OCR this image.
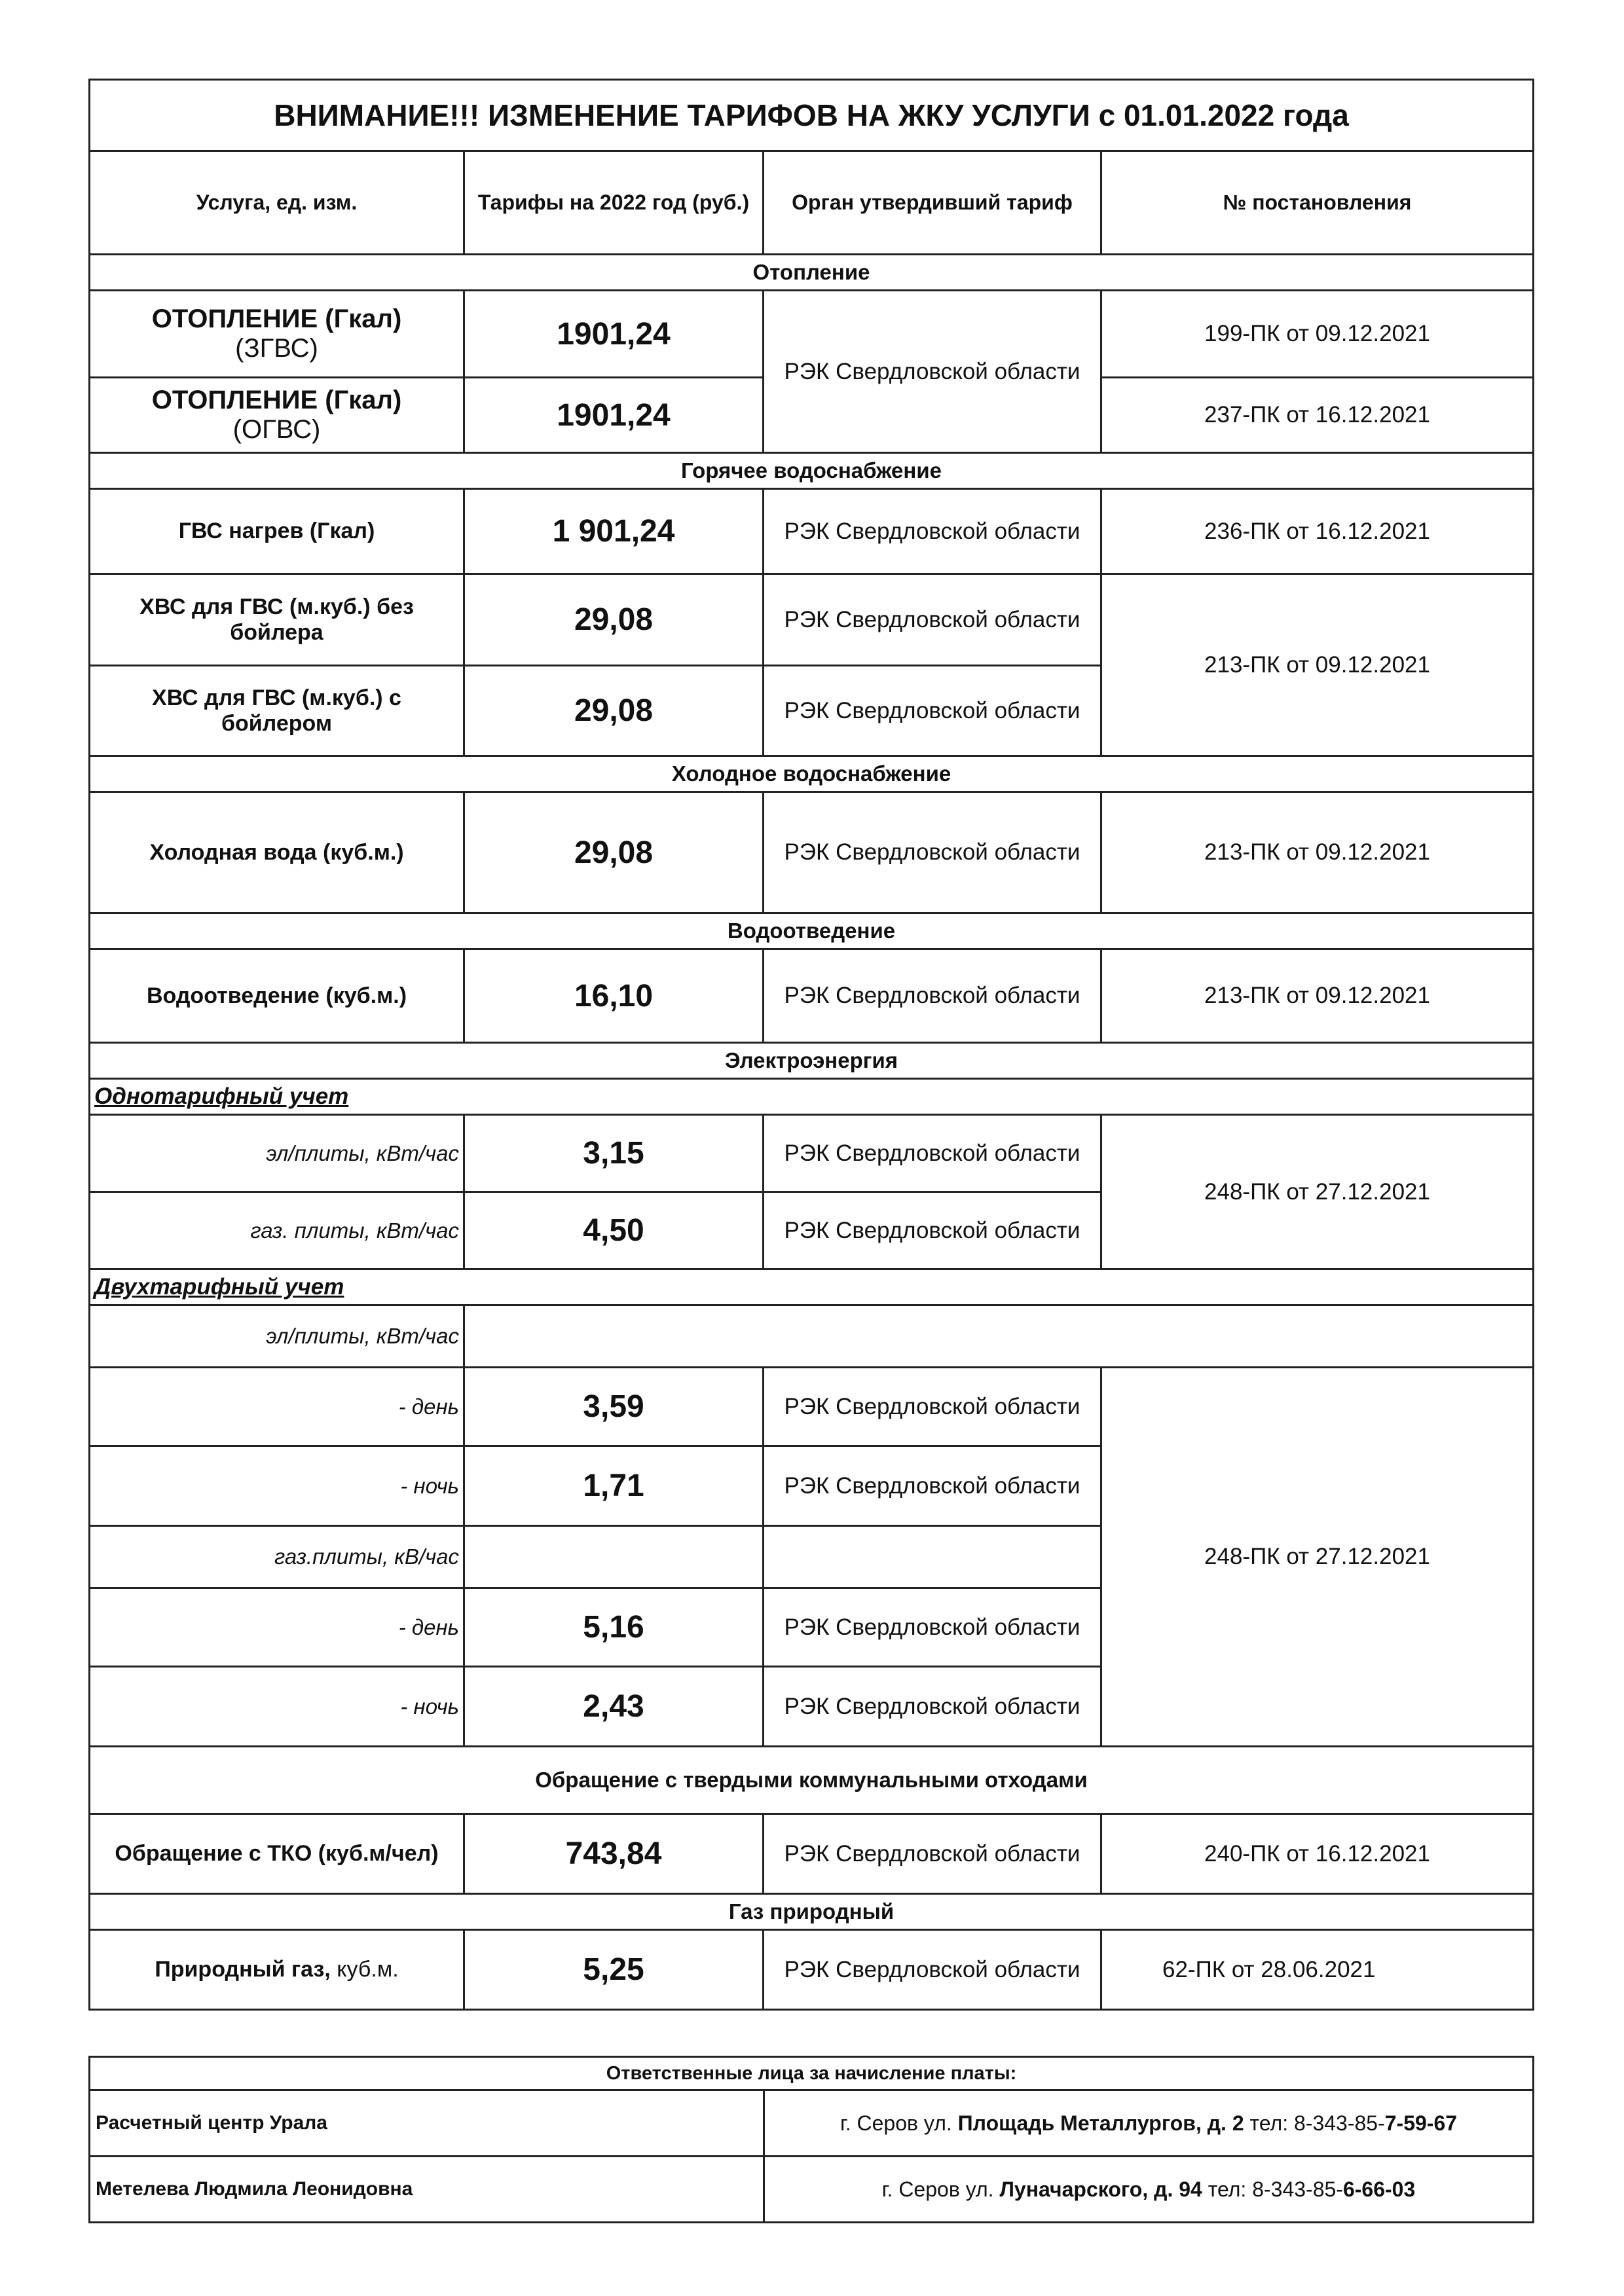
ВНИМАНИЕ!!! ИЗМЕНЕНИЕ ТАРИФОВ НА ЖКУ УСЛУГИ с 01.01.2022 года			
Услуга, ед. изм.	Тарифы на 2022 год (руб.)	Орган утвердивший тариф	№ постановления
Отопление			
ОТОПЛЕНИЕ (Гкал)
(ЗГВС)	1901,24	РЭК Свердловской области	199-ПК от 09.12.2021
ОТОПЛЕНИЕ (Гкал)
(ОГВС)	1901,24		237-ПК от 16.12.2021
Горячее водоснабжение			
ГВС нагрев (Гкал)	1 901,24	РЭК Свердловской области	236-ПК от 16.12.2021
ХВС для ГВС (м.куб.) без бойлера	29,08	РЭК Свердловской области	213-ПК от 09.12.2021
ХВС для ГВС (м.куб.) с бойлером	29,08	РЭК Свердловской области	
Холодное водоснабжение			
Холодная вода (куб.м.)	29,08	РЭК Свердловской области	213-ПК от 09.12.2021
Водоотведение			
Водоотведение (куб.м.)	16,10	РЭК Свердловской области	213-ПК от 09.12.2021
Электроэнергия			
Однотарифный учет			
эл/плиты, кВт/час	3,15	РЭК Свердловской области	248-ПК от 27.12.2021
газ. плиты, кВт/час	4,50	РЭК Свердловской области	
Двухтарифный учет			
эл/плиты, кВт/час			
- день	3,59	РЭК Свердловской области	248-ПК от 27.12.2021
- ночь	1,71	РЭК Свердловской области	
газ.плиты, кВ/час			
- день	5,16	РЭК Свердловской области	
- ночь	2,43	РЭК Свердловской области	
Обращение с твердыми коммунальными отходами			
Обращение с ТКО (куб.м/чел)	743,84	РЭК Свердловской области	240-ПК от 16.12.2021
Газ природный			
Природный газ, куб.м.	5,25	РЭК Свердловской области	62-ПК от 28.06.2021
Ответственные лица за начисление платы:	
Расчетный центр Урала	г. Серов ул. Площадь Металлургов, д. 2 тел: 8-343-85-7-59-67
Метелева Людмила Леонидовна	г. Серов ул. Луначарского, д. 94 тел: 8-343-85-6-66-03
